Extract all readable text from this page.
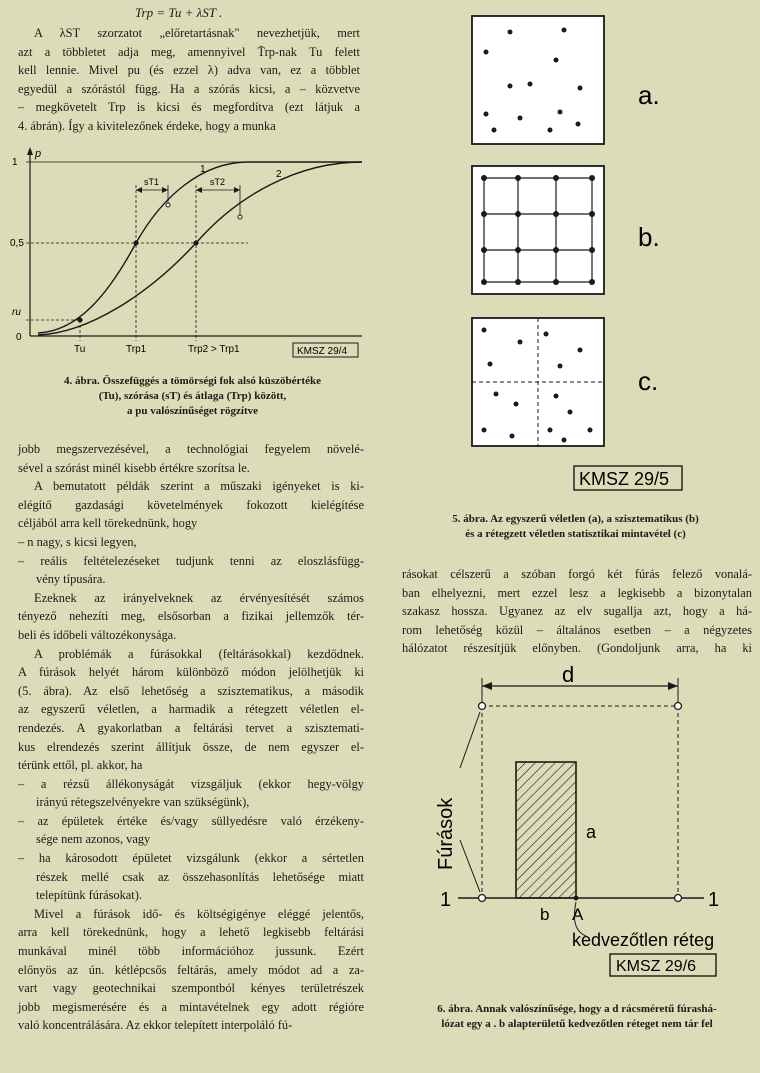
Trp = Tu + λST .
A λST szorzatot „előretartásnak" nevezhetjük, mert
azt a többletet adja meg, amennyivel T̄rp-nak Tu felett
kell lennie. Mivel pu (és ezzel λ) adva van, ez a többlet
egyedül a szórástól függ. Ha a szórás kicsi, a – közvetve
– megkövetelt Trp is kicsi és megfordítva (ezt látjuk a
4. ábrán). Így a kivitelezőnek érdeke, hogy a munka
p
1
0,5
ru
0
1	2
sT1	sT2
Tu	Trp1	Trp2 > Trp1	KMSZ 29/4
4. ábra. Összefüggés a tömörségi fok alsó küszöbértéke
(Tu), szórása (sT) és átlaga (Trp) között,
a pu valószínűséget rögzítve
jobb megszervezésével, a technológiai fegyelem növelé-
sével a szórást minél kisebb értékre szorítsa le.
A bemutatott példák szerint a műszaki igényeket is ki-
elégítő gazdasági követelmények fokozott kielégítése
céljából arra kell törekednünk, hogy
– n nagy, s kicsi legyen,
– reális feltételezéseket tudjunk tenni az eloszlásfügg-
vény típusára.
Ezeknek az irányelveknek az érvényesítését számos
tényező nehezíti meg, elsősorban a fizikai jellemzők tér-
beli és időbeli változékonysága.
A problémák a fúrásokkal (feltárásokkal) kezdődnek.
A fúrások helyét három különböző módon jelölhetjük ki
(5. ábra). Az első lehetőség a szisztematikus, a második
az egyszerű véletlen, a harmadik a rétegzett véletlen el-
rendezés. A gyakorlatban a feltárási tervet a szisztemati-
kus elrendezés szerint állítjuk össze, de nem egyszer el-
térünk ettől, pl. akkor, ha
– a rézsű állékonyságát vizsgáljuk (ekkor hegy-völgy
irányú rétegszelvényekre van szükségünk),
– az épületek értéke és/vagy süllyedésre való érzékeny-
sége nem azonos, vagy
– ha károsodott épületet vizsgálunk (ekkor a sértetlen
részek mellé csak az összehasonlítás lehetősége miatt
telepítünk fúrásokat).
Mivel a fúrások idő- és költségigénye eléggé jelentős,
arra kell törekednünk, hogy a lehető legkisebb feltárási
munkával minél több információhoz jussunk. Ezért
előnyös az ún. kétlépcsős feltárás, amely módot ad a za-
vart vagy geotechnikai szempontból kényes területrészek
jobb megismerésére és a mintavételnek egy adott régióre
való koncentrálására. Az ekkor telepített interpoláló fú-
a.
b.
c.
KMSZ 29/5
5. ábra. Az egyszerű véletlen (a), a szisztematikus (b)
és a rétegzett véletlen statisztikai mintavétel (c)
rásokat célszerű a szóban forgó két fúrás felező vonalá-
ban elhelyezni, mert ezzel lesz a legkisebb a bizonytalan
szakasz hossza. Ugyanez az elv sugallja azt, hogy a há-
rom lehetőség közül – általános esetben – a négyzetes
hálózatot részesítjük előnyben. (Gondoljunk arra, ha ki
d
1	1
a
b A
Fúrások
kedvezőtlen réteg
KMSZ 29/6
6. ábra. Annak valószínűsége, hogy a d rácsméretű fúrashá-
lózat egy a . b alapterületű kedvezőtlen réteget nem tár fel
